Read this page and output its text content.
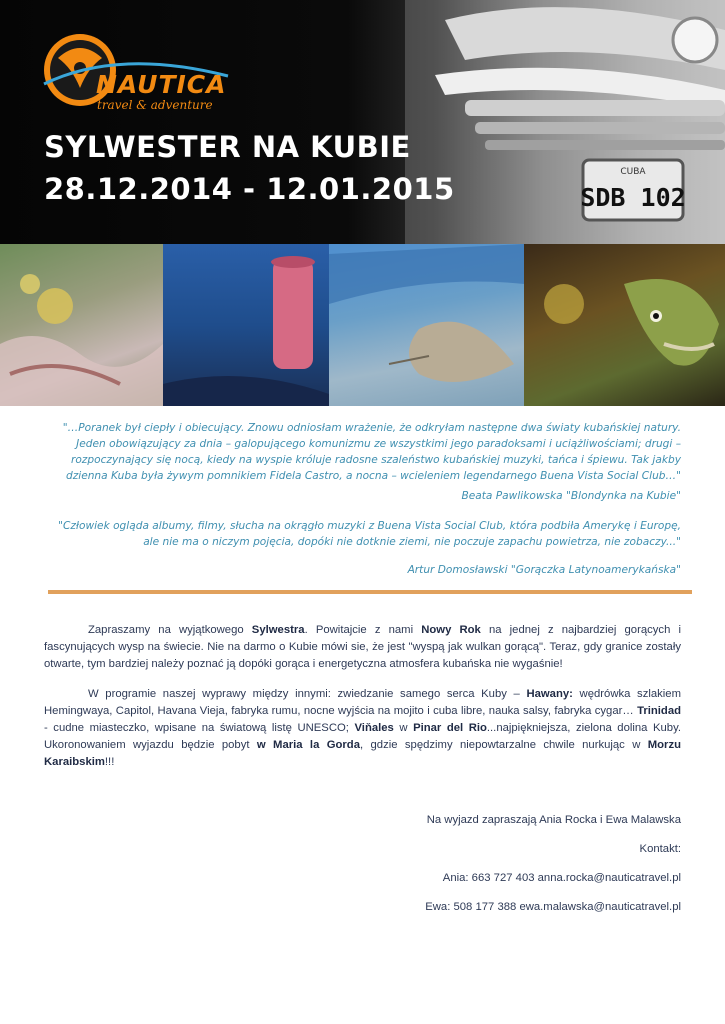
CUBA
SDB 102
NAUTICA
travel & adventure
SYLWESTER NA KUBIE
28.12.2014 - 12.01.2015
"…Poranek był ciepły i obiecujący. Znowu odniosłam wrażenie, że odkryłam następne dwa światy kubańskiej natury. Jeden obowiązujący za dnia – galopującego komunizmu ze wszystkimi jego paradoksami i uciążliwościami; drugi – rozpoczynający się nocą, kiedy na wyspie króluje radosne szaleństwo kubańskiej muzyki, tańca i śpiewu. Tak jakby dzienna Kuba była żywym pomnikiem Fidela Castro, a nocna – wcieleniem legendarnego Buena Vista Social Club…"
Beata Pawlikowska "Blondynka na Kubie"
"Człowiek ogląda albumy, filmy, słucha na okrągło muzyki z Buena Vista Social Club, która podbiła Amerykę i Europę, ale nie ma o niczym pojęcia, dopóki nie dotknie ziemi, nie poczuje zapachu powietrza, nie zobaczy..."
Artur Domosławski "Gorączka Latynoamerykańska"
Zapraszamy na wyjątkowego Sylwestra. Powitajcie z nami Nowy Rok na jednej z najbardziej gorących i fascynujących wysp na świecie. Nie na darmo o Kubie mówi sie, że jest "wyspą jak wulkan gorącą". Teraz, gdy granice zostały otwarte, tym bardziej należy poznać ją dopóki gorąca i energetyczna atmosfera kubańska nie wygaśnie!
W programie naszej wyprawy między innymi: zwiedzanie samego serca Kuby – Hawany: wędrówka szlakiem Hemingwaya, Capitol, Havana Vieja, fabryka rumu, nocne wyjścia na mojito i cuba libre, nauka salsy, fabryka cygar… Trinidad - cudne miasteczko, wpisane na światową listę UNESCO; Viňales w Pinar del Rio...najpiękniejsza, zielona dolina Kuby. Ukoronowaniem wyjazdu będzie pobyt w Maria la Gorda, gdzie spędzimy niepowtarzalne chwile nurkując w Morzu Karaibskim!!!
Na wyjazd zapraszają Ania Rocka i Ewa Malawska
Kontakt:
Ania: 663 727 403 anna.rocka@nauticatravel.pl
Ewa: 508 177 388 ewa.malawska@nauticatravel.pl
